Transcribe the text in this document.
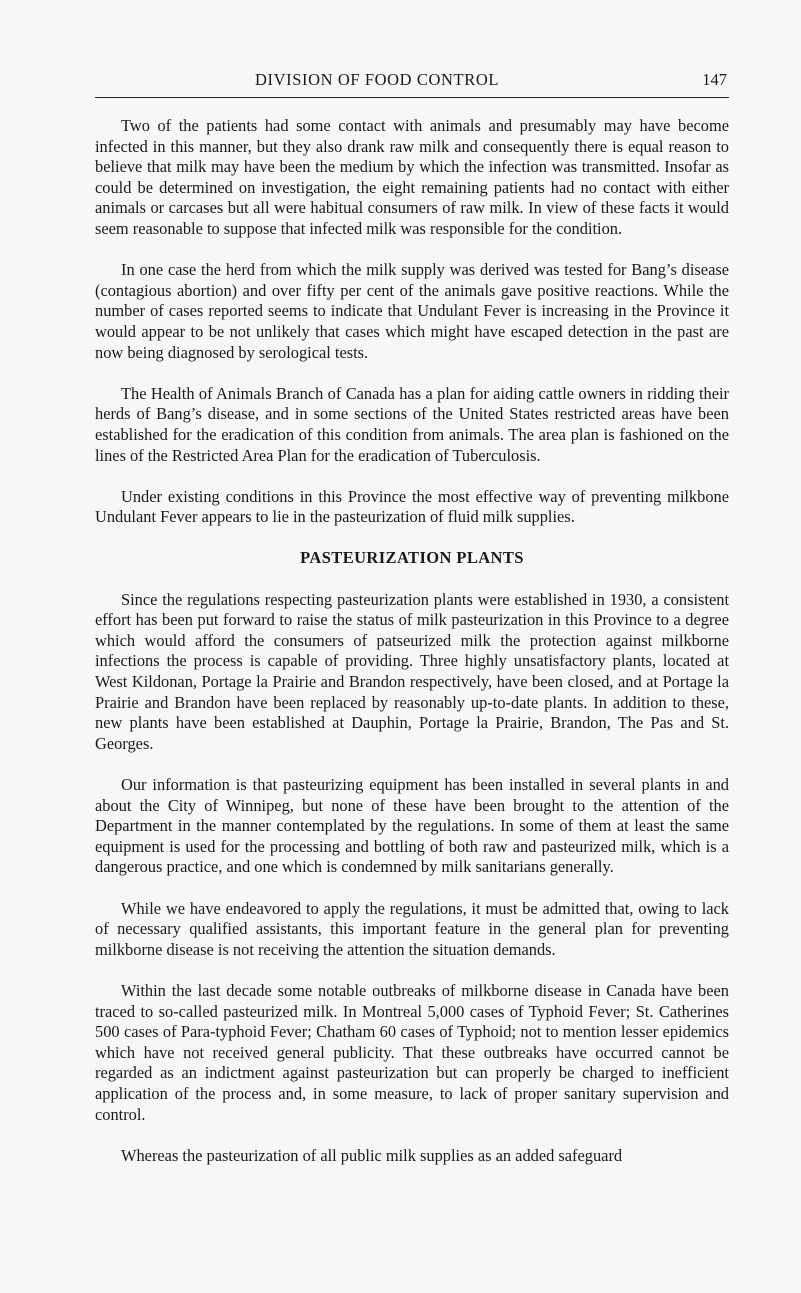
DIVISION OF FOOD CONTROL	147

Two of the patients had some contact with animals and presumably may have become infected in this manner, but they also drank raw milk and consequently there is equal reason to believe that milk may have been the medium by which the infection was transmitted. Insofar as could be determined on investigation, the eight remaining patients had no contact with either animals or carcases but all were habitual consumers of raw milk. In view of these facts it would seem reasonable to suppose that infected milk was responsible for the condition.

In one case the herd from which the milk supply was derived was tested for Bang’s disease (contagious abortion) and over fifty per cent of the animals gave positive reactions. While the number of cases reported seems to indicate that Undulant Fever is increasing in the Province it would appear to be not unlikely that cases which might have escaped detection in the past are now being diagnosed by serological tests.

The Health of Animals Branch of Canada has a plan for aiding cattle owners in ridding their herds of Bang’s disease, and in some sections of the United States restricted areas have been established for the eradication of this condition from animals. The area plan is fashioned on the lines of the Restricted Area Plan for the eradication of Tuberculosis.

Under existing conditions in this Province the most effective way of preventing milkbone Undulant Fever appears to lie in the pasteurization of fluid milk supplies.

PASTEURIZATION PLANTS

Since the regulations respecting pasteurization plants were established in 1930, a consistent effort has been put forward to raise the status of milk pasteurization in this Province to a degree which would afford the consumers of patseurized milk the protection against milkborne infections the process is capable of providing. Three highly unsatisfactory plants, located at West Kildonan, Portage la Prairie and Brandon respectively, have been closed, and at Portage la Prairie and Brandon have been replaced by reasonably up-to-date plants. In addition to these, new plants have been established at Dauphin, Portage la Prairie, Brandon, The Pas and St. Georges.

Our information is that pasteurizing equipment has been installed in several plants in and about the City of Winnipeg, but none of these have been brought to the attention of the Department in the manner contemplated by the regulations. In some of them at least the same equipment is used for the processing and bottling of both raw and pasteurized milk, which is a dangerous practice, and one which is condemned by milk sanitarians generally.

While we have endeavored to apply the regulations, it must be admitted that, owing to lack of necessary qualified assistants, this important feature in the general plan for preventing milkborne disease is not receiving the attention the situation demands.

Within the last decade some notable outbreaks of milkborne disease in Canada have been traced to so-called pasteurized milk. In Montreal 5,000 cases of Typhoid Fever; St. Catherines 500 cases of Para-typhoid Fever; Chatham 60 cases of Typhoid; not to mention lesser epidemics which have not received general publicity. That these outbreaks have occurred cannot be regarded as an indictment against pasteurization but can properly be charged to inefficient application of the process and, in some measure, to lack of proper sanitary supervision and control.

Whereas the pasteurization of all public milk supplies as an added safeguard
